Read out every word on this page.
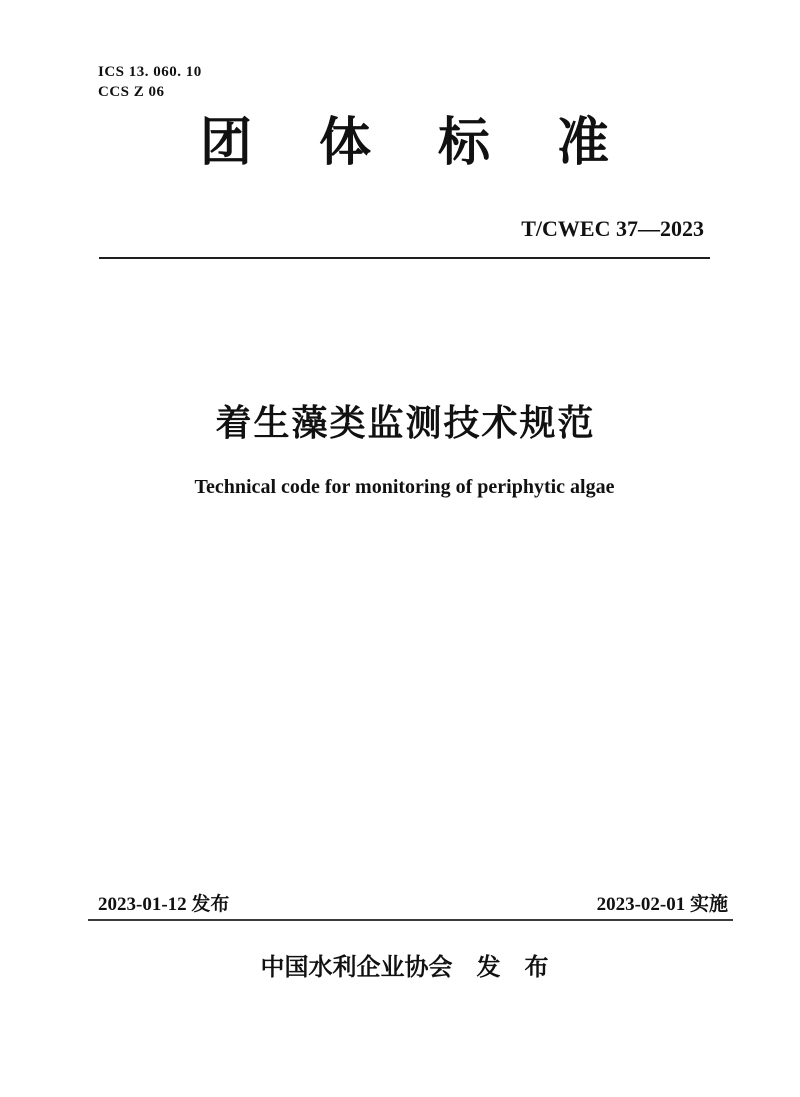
ICS 13. 060. 10
CCS Z 06
团体标准
T/CWEC 37—2023
着生藻类监测技术规范
Technical code for monitoring of periphytic algae
2023-01-12 发布	2023-02-01 实施
中国水利企业协会　发　布
